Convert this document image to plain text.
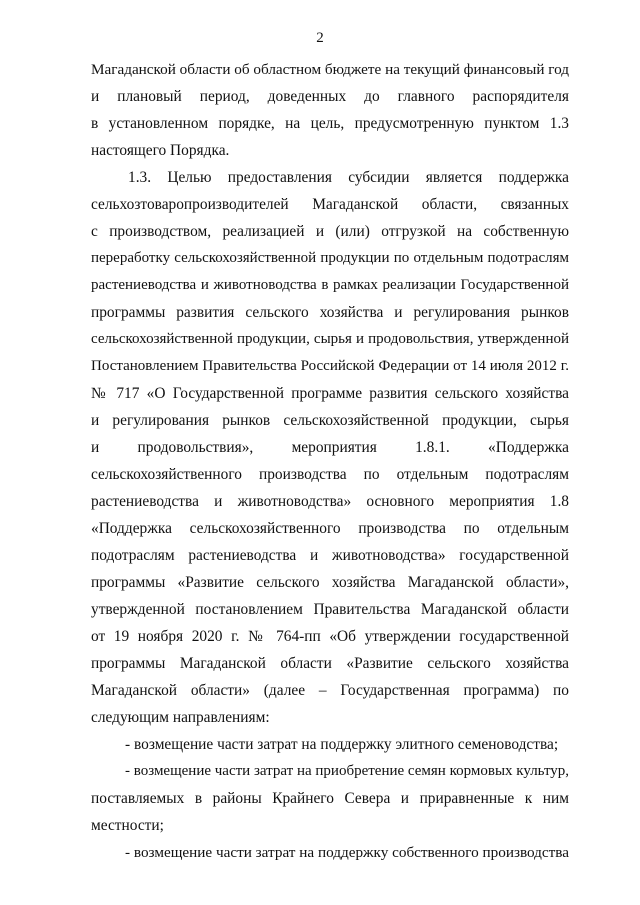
2
Магаданской области об областном бюджете на текущий финансовый год
и плановый период, доведенных до главного распорядителя
в установленном порядке, на цель, предусмотренную пунктом 1.3
настоящего Порядка.
1.3. Целью предоставления субсидии является поддержка
сельхозтоваропроизводителей Магаданской области, связанных
с производством, реализацией и (или) отгрузкой на собственную
переработку сельскохозяйственной продукции по отдельным подотраслям
растениеводства и животноводства в рамках реализации Государственной
программы развития сельского хозяйства и регулирования рынков
сельскохозяйственной продукции, сырья и продовольствия, утвержденной
Постановлением Правительства Российской Федерации от 14 июля 2012 г.
№ 717 «О Государственной программе развития сельского хозяйства
и регулирования рынков сельскохозяйственной продукции, сырья
и продовольствия», мероприятия 1.8.1. «Поддержка
сельскохозяйственного производства по отдельным подотраслям
растениеводства и животноводства» основного мероприятия 1.8
«Поддержка сельскохозяйственного производства по отдельным
подотраслям растениеводства и животноводства» государственной
программы «Развитие сельского хозяйства Магаданской области»,
утвержденной постановлением Правительства Магаданской области
от 19 ноября 2020 г. № 764-пп «Об утверждении государственной
программы Магаданской области «Развитие сельского хозяйства
Магаданской области» (далее – Государственная программа) по
следующим направлениям:
- возмещение части затрат на поддержку элитного семеноводства;
- возмещение части затрат на приобретение семян кормовых культур,
поставляемых в районы Крайнего Севера и приравненные к ним
местности;
- возмещение части затрат на поддержку собственного производства
